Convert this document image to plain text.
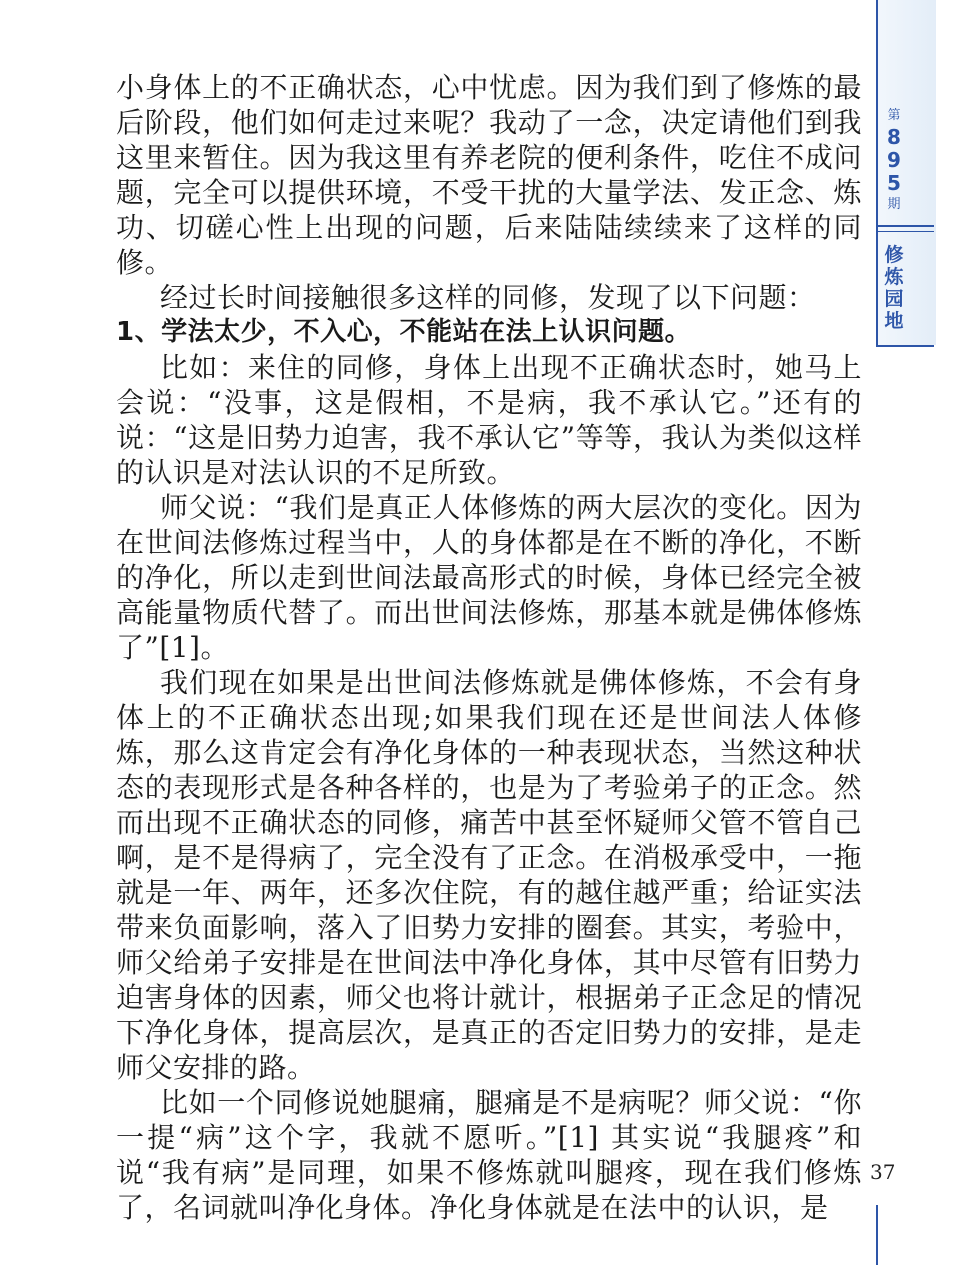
小身体上的不正确状态，心中忧虑。因为我们到了修炼的最后阶段，他们如何走过来呢？我动了一念，决定请他们到我这里来暂住。因为我这里有养老院的便利条件，吃住不成问题，完全可以提供环境，不受干扰的大量学法、发正念、炼功、切磋心性上出现的问题，后来陆陆续续来了这样的同修。

经过长时间接触很多这样的同修，发现了以下问题：

1、学法太少，不入心，不能站在法上认识问题。

比如：来住的同修，身体上出现不正确状态时，她马上会说：“没事，这是假相，不是病，我不承认它。”还有的说：“这是旧势力迫害，我不承认它”等等，我认为类似这样的认识是对法认识的不足所致。

师父说：“我们是真正人体修炼的两大层次的变化。因为在世间法修炼过程当中，人的身体都是在不断的净化，不断的净化，所以走到世间法最高形式的时候，身体已经完全被高能量物质代替了。而出世间法修炼，那基本就是佛体修炼了”[1]。

我们现在如果是出世间法修炼就是佛体修炼，不会有身体上的不正确状态出现;如果我们现在还是世间法人体修炼，那么这肯定会有净化身体的一种表现状态，当然这种状态的表现形式是各种各样的，也是为了考验弟子的正念。然而出现不正确状态的同修，痛苦中甚至怀疑师父管不管自己啊，是不是得病了，完全没有了正念。在消极承受中，一拖就是一年、两年，还多次住院，有的越住越严重；给证实法带来负面影响，落入了旧势力安排的圈套。其实，考验中，师父给弟子安排是在世间法中净化身体，其中尽管有旧势力迫害身体的因素，师父也将计就计，根据弟子正念足的情况下净化身体，提高层次，是真正的否定旧势力的安排，是走师父安排的路。

比如一个同修说她腿痛，腿痛是不是病呢？师父说：“你一提“病”这个字，我就不愿听。”[1] 其实说“我腿疼”和说“我有病”是同理，如果不修炼就叫腿疼，现在我们修炼了，名词就叫净化身体。净化身体就是在法中的认识，是

第
8
9
5
期
修
炼
园
地
37
